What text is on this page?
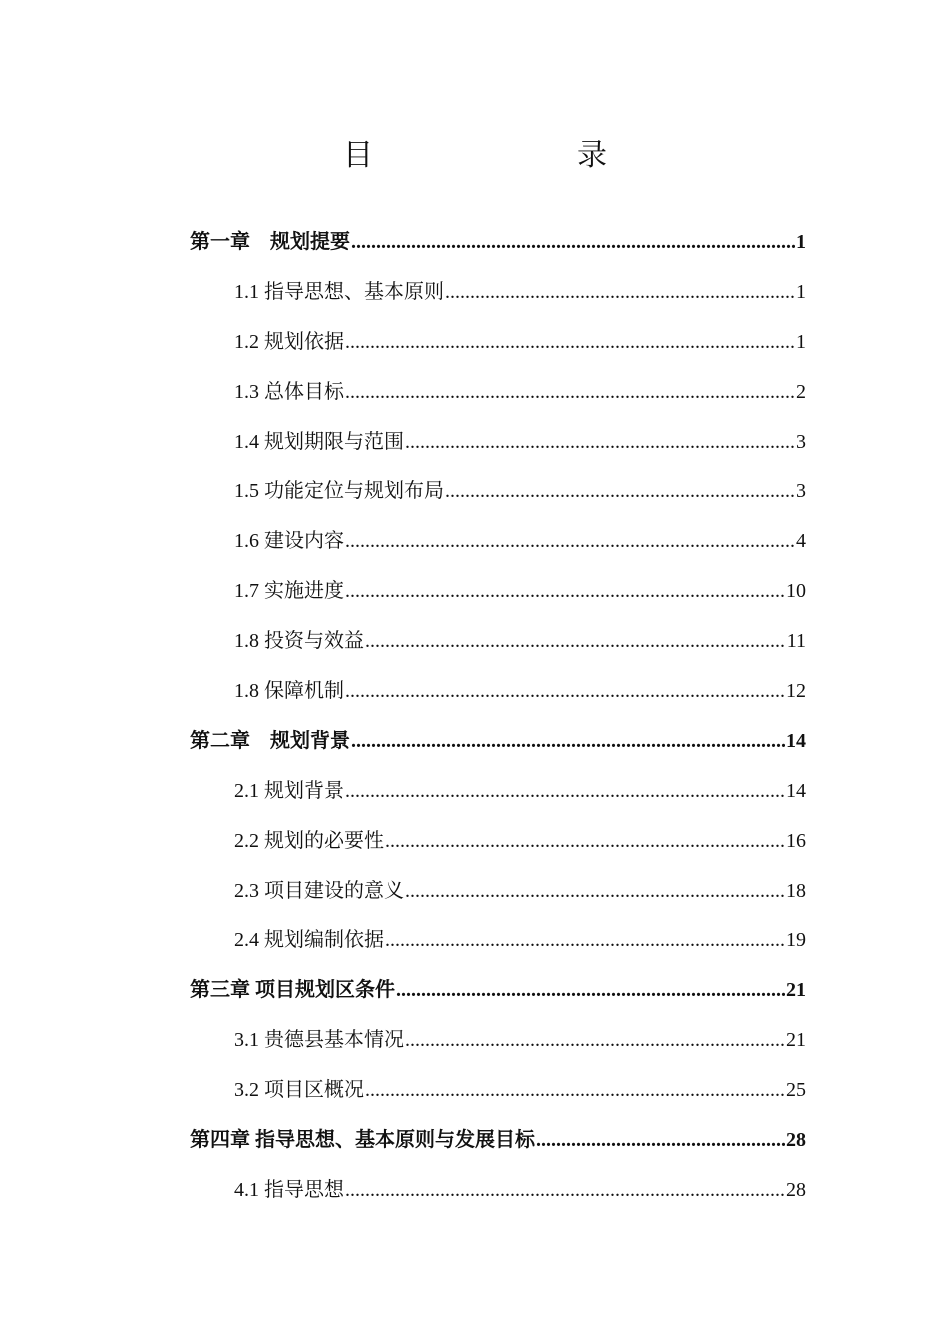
目　　录
第一章　规划提要 .....	1
1.1 指导思想、基本原则 .....	1
1.2 规划依据 .....	1
1.3 总体目标 .....	2
1.4 规划期限与范围 .....	3
1.5 功能定位与规划布局 .....	3
1.6 建设内容 .....	4
1.7 实施进度 .....	10
1.8 投资与效益 .....	11
1.8 保障机制 .....	12
第二章　规划背景 .....	14
2.1 规划背景 .....	14
2.2 规划的必要性 .....	16
2.3 项目建设的意义 .....	18
2.4 规划编制依据 .....	19
第三章 项目规划区条件 .....	21
3.1 贵德县基本情况 .....	21
3.2 项目区概况 .....	25
第四章 指导思想、基本原则与发展目标 .....	28
4.1 指导思想 .....	28
